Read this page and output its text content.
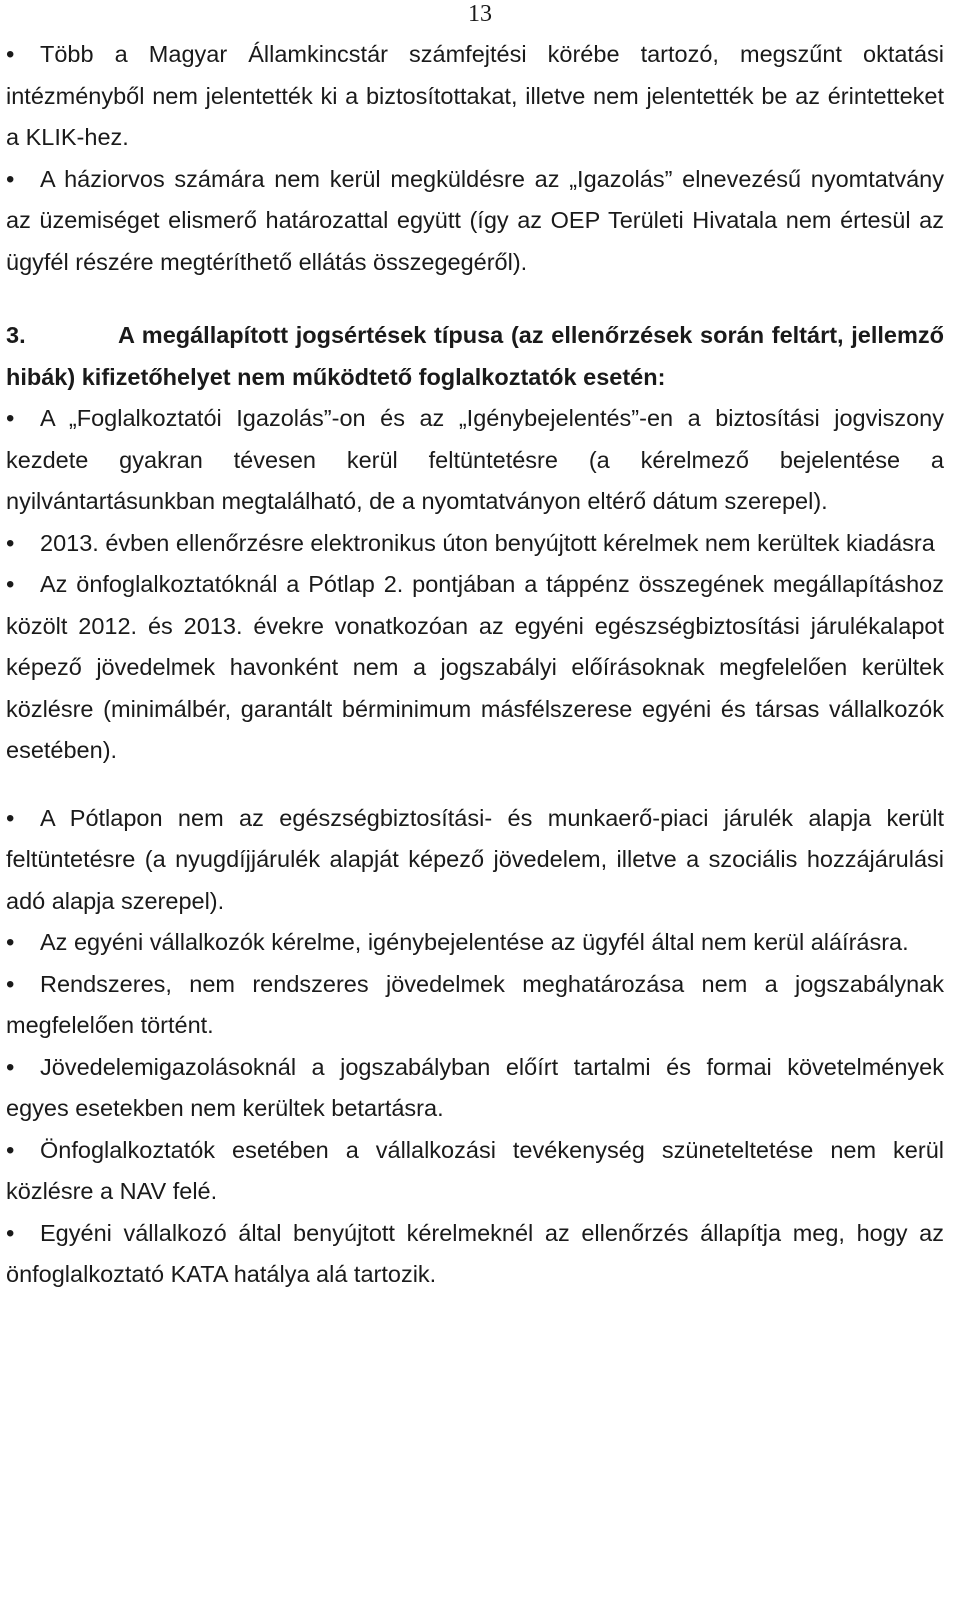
13
• Több a Magyar Államkincstár számfejtési körébe tartozó, megszűnt oktatási intézményből nem jelentették ki a biztosítottakat, illetve nem jelentették be az érintetteket a KLIK-hez.
• A háziorvos számára nem kerül megküldésre az „Igazolás” elnevezésű nyomtatvány az üzemiséget elismerő határozattal együtt (így az OEP Területi Hivatala nem értesül az ügyfél részére megtéríthető ellátás összegegéről).

3.	A megállapított jogsértések típusa (az ellenőrzések során feltárt, jellemző hibák) kifizetőhelyet nem működtető foglalkoztatók esetén:

• A „Foglalkoztatói Igazolás”-on és az „Igénybejelentés”-en a biztosítási jogviszony kezdete gyakran tévesen kerül feltüntetésre (a kérelmező bejelentése a nyilvántartásunkban megtalálható, de a nyomtatványon eltérő dátum szerepel).
• 2013. évben ellenőrzésre elektronikus úton benyújtott kérelmek nem kerültek kiadásra
• Az önfoglalkoztatóknál a Pótlap 2. pontjában a táppénz összegének megállapításhoz közölt 2012. és 2013. évekre vonatkozóan az egyéni egészségbiztosítási járulékalapot képező jövedelmek havonként nem a jogszabályi előírásoknak megfelelően kerültek közlésre (minimálbér, garantált bérminimum másfélszerese egyéni és társas vállalkozók esetében).
• A Pótlapon nem az egészségbiztosítási- és munkaerő-piaci járulék alapja került feltüntetésre (a nyugdíjjárulék alapját képező jövedelem, illetve a szociális hozzájárulási adó alapja szerepel).
• Az egyéni vállalkozók kérelme, igénybejelentése az ügyfél által nem kerül aláírásra.
• Rendszeres, nem rendszeres jövedelmek meghatározása nem a jogszabálynak megfelelően történt.
• Jövedelemigazolásoknál a jogszabályban előírt tartalmi és formai követelmények egyes esetekben nem kerültek betartásra.
• Önfoglalkoztatók esetében a vállalkozási tevékenység szüneteltetése nem kerül közlésre a NAV felé.
• Egyéni vállalkozó által benyújtott kérelmeknél az ellenőrzés állapítja meg, hogy az önfoglalkoztató KATA hatálya alá tartozik.
